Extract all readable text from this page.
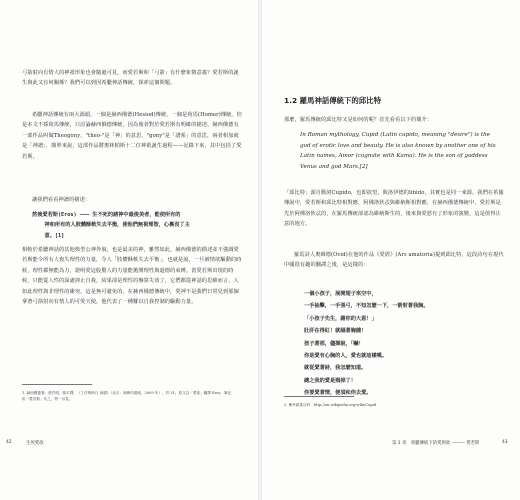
弓箭射向有情人的神祇形象也會隨處可見，而愛若斯和「弓箭」有什麼象徵意義？愛若斯的誕生與此又有何關係？我們可以到因希臘神話傳統，探索這個問題。

希臘神話傳統有兩大源頭，一個是赫西俄德(Hesiod)傳統，一個是荷馬(Homer)傳統。但是本文不採荷馬傳統，只討論赫西俄德傳統，因為後者對於愛若斯有明確的描述。赫西俄德有一部作品叫做Theogony，"theo-"是「神」的意思，"gony"是「譜系」的意思，兩者相加就是「神譜」，簡單來說，這部作品將奧林帕斯十二位神祇誕生過程——記錄下來，其中包括了愛若斯。

讓我們看看神譜的描述：

然後愛若斯(Eros) ——— 生不死的諸神中最俊美者，能使所有的
神和所有的人肢體酥軟失去平衡，使他們無視理智，心裏沒了主
意。[1]

相較於希臘神話的其他典型公神外貌，也是最美的神，雖然如此，赫西俄德的描述並不強調愛若斯能令所有人喪失理性的力量，令人「肢體酥軟失去平衡」，也就是說，一旦被情欲驅動的時候，理性都無能為力，證明愛這股驚人的力量能拋開理性與道德的束縛。當愛若斯出現的時候，只能從人性的深處抑止自我，結果卻是理性的盤算失效了，它們都從神話的思維而言，人如此理性與非理性的衝突，這是無可避免的。在赫西俄德傳統中，愛神不是我們日常見到那個拿著弓箭射向有情人的可愛天使，他代表了一種難以自我控制的驅動力量。

1. 赫西俄德著；張竹明、蔣平譯，《工作與時日 神譜》（北京：商務印書館，2009 年），頁 31。原文以「愛欲」翻譯 Eros，筆記用「愛若斯」代之，特一另見。

42	生死愛欲
1.2 羅馬神話傳統下的邱比特

那麼，羅馬傳統的邱比特又是如何的呢？首先看看以下的簡介：

In Roman mythology, Cupid (Latin cupido, meaning "desire") is the god of erotic love and beauty. He is also known by another one of his Latin names, Amor (cognate with Kama). He is the son of goddess Venus and god Mars.[2]

「邱比特」源自動詞Cupido，也即欲望，與洛伊德的libido，其實也是同一來源。我們在希羅傳說中，愛若斯和邱比特相對應，阿佛洛狄忒與維納斯相對應，在赫西俄德傳統中，愛若斯是先於阿佛洛狄忒的，在羅馬傳統卻認為維納斯生的，後來與愛慾有了形象的演變，這是值得注意的地方。

羅馬詩人奧維德(Ovid)在他的作品《愛經》(Ars amatoria)提到邱比特，這段詩句在現代中國很有趣的翻譯之後，是這樣的：

一個小孩子，展開翅子來空中，
一手抽擊，一手張弓，不知怎麼一下，一箭射著我胸。
「小孩子先生，謝你的大恩！」
肚肝在得紅！就隔著胸脯！
孩子著那，儘揮說，「嚇！
你是愛有心胸的人，愛也就這樣嘆。
就從愛著詩，我怎麼知道。
總之我的愛是殞掉了！
你要愛著情，便須和你去愛。

2. 參考維基百科：http://en.wikipedia.org/wiki/Cupid

第 1 章　希臘傳統下的愛與欲 ——— 愛若斯	43
